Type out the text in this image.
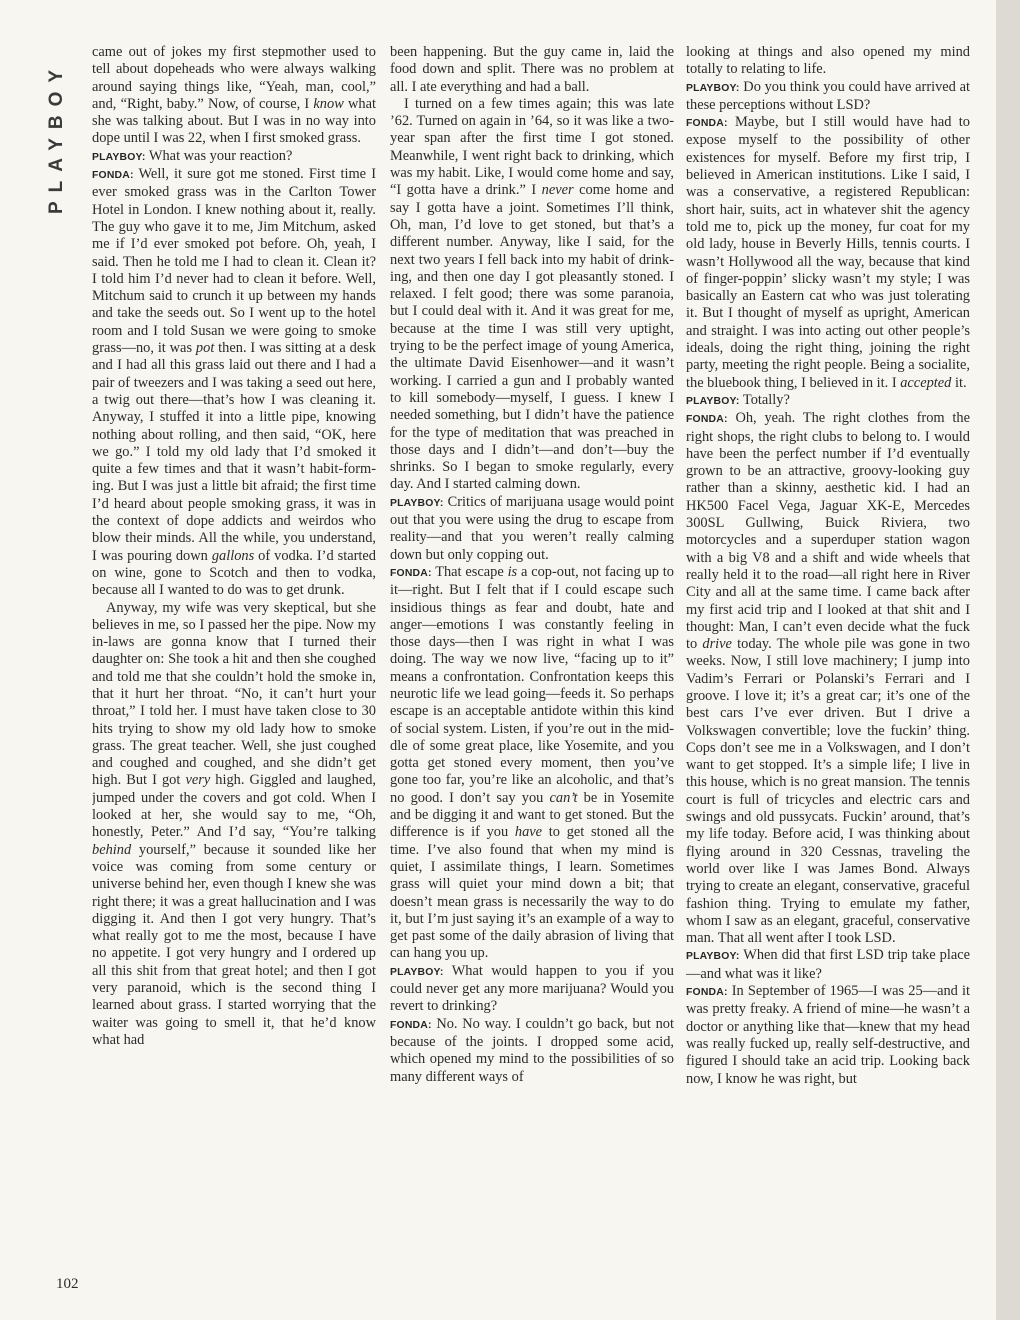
PLAYBOY

came out of jokes my first stepmother used to tell about dopeheads who were always walking around saying things like, “Yeah, man, cool,” and, “Right, baby.” Now, of course, I know what she was talking about. But I was in no way into dope until I was 22, when I first smoked grass.

PLAYBOY: What was your reaction?

FONDA: Well, it sure got me stoned. First time I ever smoked grass was in the Carlton Tower Hotel in London. I knew nothing about it, really. The guy who gave it to me, Jim Mitchum, asked me if I’d ever smoked pot before. Oh, yeah, I said. Then he told me I had to clean it. Clean it? I told him I’d never had to clean it before. Well, Mitchum said to crunch it up between my hands and take the seeds out. So I went up to the hotel room and I told Susan we were going to smoke grass—no, it was pot then. I was sitting at a desk and I had all this grass laid out there and I had a pair of tweezers and I was taking a seed out here, a twig out there—that’s how I was cleaning it. Anyway, I stuffed it into a little pipe, knowing nothing about rolling, and then said, “OK, here we go.” I told my old lady that I’d smoked it quite a few times and that it wasn’t habit-forming. But I was just a little bit afraid; the first time I’d heard about people smoking grass, it was in the context of dope addicts and weirdos who blow their minds. All the while, you understand, I was pouring down gallons of vodka. I’d started on wine, gone to Scotch and then to vodka, because all I wanted to do was to get drunk.

Anyway, my wife was very skeptical, but she believes in me, so I passed her the pipe. Now my in-laws are gonna know that I turned their daughter on: She took a hit and then she coughed and told me that she couldn’t hold the smoke in, that it hurt her throat. “No, it can’t hurt your throat,” I told her. I must have taken close to 30 hits trying to show my old lady how to smoke grass. The great teacher. Well, she just coughed and coughed and coughed, and she didn’t get high. But I got very high. Giggled and laughed, jumped under the covers and got cold. When I looked at her, she would say to me, “Oh, honestly, Peter.” And I’d say, “You’re talking behind yourself,” because it sounded like her voice was coming from some century or universe behind her, even though I knew she was right there; it was a great hallucination and I was digging it. And then I got very hungry. That’s what really got to me the most, because I have no appetite. I got very hungry and I ordered up all this shit from that great hotel; and then I got very paranoid, which is the second thing I learned about grass. I started worrying that the waiter was going to smell it, that he’d know what had

been happening. But the guy came in, laid the food down and split. There was no problem at all. I ate everything and had a ball.

I turned on a few times again; this was late ’62. Turned on again in ’64, so it was like a two-year span after the first time I got stoned. Meanwhile, I went right back to drinking, which was my habit. Like, I would come home and say, “I gotta have a drink.” I never come home and say I gotta have a joint. Sometimes I’ll think, Oh, man, I’d love to get stoned, but that’s a different number. Anyway, like I said, for the next two years I fell back into my habit of drinking, and then one day I got pleasantly stoned. I relaxed. I felt good; there was some paranoia, but I could deal with it. And it was great for me, because at the time I was still very uptight, trying to be the perfect image of young America, the ultimate David Eisenhower—and it wasn’t working. I carried a gun and I probably wanted to kill somebody—myself, I guess. I knew I needed something, but I didn’t have the patience for the type of meditation that was preached in those days and I didn’t—and don’t—buy the shrinks. So I began to smoke regularly, every day. And I started calming down.

PLAYBOY: Critics of marijuana usage would point out that you were using the drug to escape from reality—and that you weren’t really calming down but only copping out.

FONDA: That escape is a cop-out, not facing up to it—right. But I felt that if I could escape such insidious things as fear and doubt, hate and anger—emotions I was constantly feeling in those days—then I was right in what I was doing. The way we now live, “facing up to it” means a confrontation. Confrontation keeps this neurotic life we lead going—feeds it. So perhaps escape is an acceptable antidote within this kind of social system. Listen, if you’re out in the middle of some great place, like Yosemite, and you gotta get stoned every moment, then you’ve gone too far, you’re like an alcoholic, and that’s no good. I don’t say you can’t be in Yosemite and be digging it and want to get stoned. But the difference is if you have to get stoned all the time. I’ve also found that when my mind is quiet, I assimilate things, I learn. Sometimes grass will quiet your mind down a bit; that doesn’t mean grass is necessarily the way to do it, but I’m just saying it’s an example of a way to get past some of the daily abrasion of living that can hang you up.

PLAYBOY: What would happen to you if you could never get any more marijuana? Would you revert to drinking?

FONDA: No. No way. I couldn’t go back, but not because of the joints. I dropped some acid, which opened my mind to the possibilities of so many different ways of

looking at things and also opened my mind totally to relating to life.

PLAYBOY: Do you think you could have arrived at these perceptions without LSD?

FONDA: Maybe, but I still would have had to expose myself to the possibility of other existences for myself. Before my first trip, I believed in American institutions. Like I said, I was a conservative, a registered Republican: short hair, suits, act in whatever shit the agency told me to, pick up the money, fur coat for my old lady, house in Beverly Hills, tennis courts. I wasn’t Hollywood all the way, because that kind of finger-poppin’ slicky wasn’t my style; I was basically an Eastern cat who was just tolerating it. But I thought of myself as upright, American and straight. I was into acting out other people’s ideals, doing the right thing, joining the right party, meeting the right people. Being a socialite, the bluebook thing, I believed in it. I accepted it.

PLAYBOY: Totally?

FONDA: Oh, yeah. The right clothes from the right shops, the right clubs to belong to. I would have been the perfect number if I’d eventually grown to be an attractive, groovy-looking guy rather than a skinny, aesthetic kid. I had an HK500 Facel Vega, Jaguar XK-E, Mercedes 300SL Gullwing, Buick Riviera, two motorcycles and a superduper station wagon with a big V8 and a shift and wide wheels that really held it to the road—all right here in River City and all at the same time. I came back after my first acid trip and I looked at that shit and I thought: Man, I can’t even decide what the fuck to drive today. The whole pile was gone in two weeks. Now, I still love machinery; I jump into Vadim’s Ferrari or Polanski’s Ferrari and I groove. I love it; it’s a great car; it’s one of the best cars I’ve ever driven. But I drive a Volkswagen convertible; love the fuckin’ thing. Cops don’t see me in a Volkswagen, and I don’t want to get stopped. It’s a simple life; I live in this house, which is no great mansion. The tennis court is full of tricycles and electric cars and swings and old pussycats. Fuckin’ around, that’s my life today. Before acid, I was thinking about flying around in 320 Cessnas, traveling the world over like I was James Bond. Always trying to create an elegant, conservative, graceful fashion thing. Trying to emulate my father, whom I saw as an elegant, graceful, conservative man. That all went after I took LSD.

PLAYBOY: When did that first LSD trip take place—and what was it like?

FONDA: In September of 1965—I was 25—and it was pretty freaky. A friend of mine—he wasn’t a doctor or anything like that—knew that my head was really fucked up, really self-destructive, and figured I should take an acid trip. Looking back now, I know he was right, but

102
